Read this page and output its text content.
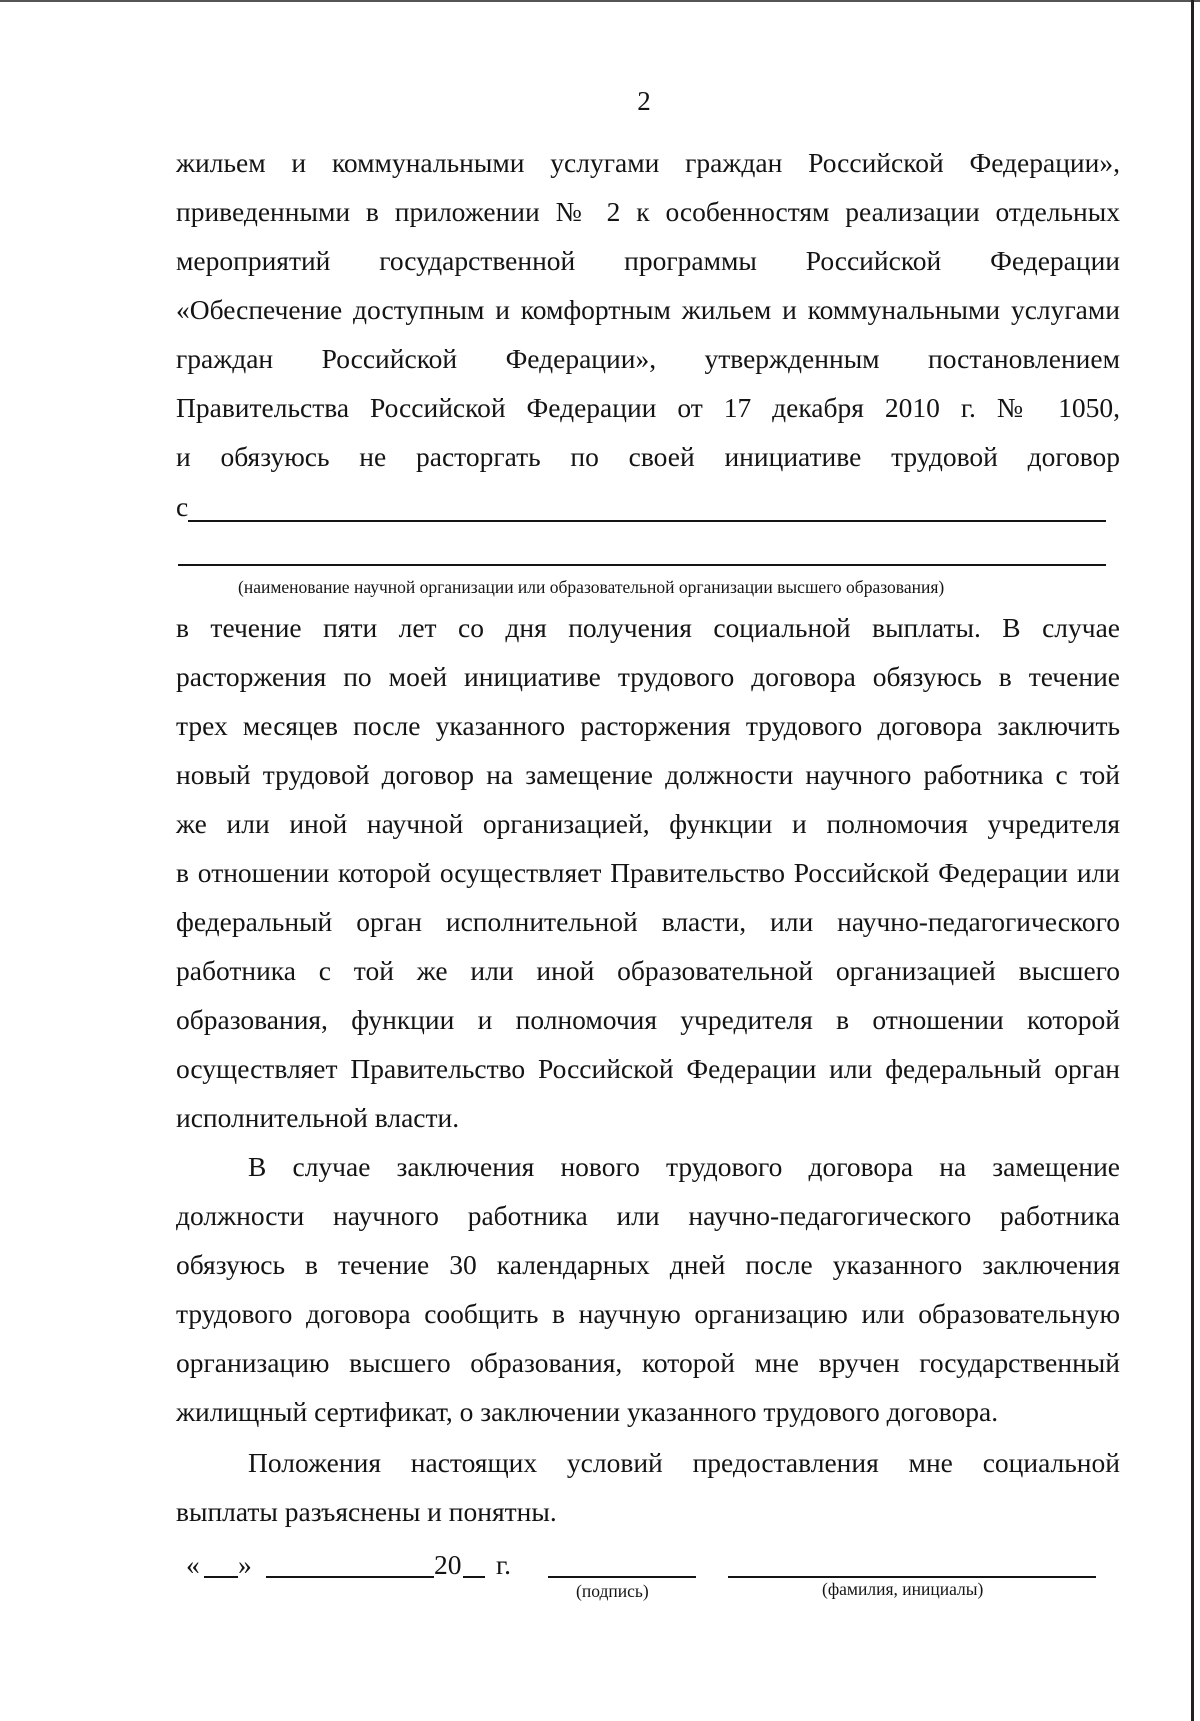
2
жильем и коммунальными услугами граждан Российской Федерации»,
приведенными в приложении № 2 к особенностям реализации отдельных
мероприятий государственной программы Российской Федерации
«Обеспечение доступным и комфортным жильем и коммунальными услугами
граждан Российской Федерации», утвержденным постановлением
Правительства Российской Федерации от 17 декабря 2010 г. № 1050,
и обязуюсь не расторгать по своей инициативе трудовой договор
с
(наименование научной организации или образовательной организации высшего образования)
в течение пяти лет со дня получения социальной выплаты. В случае
расторжения по моей инициативе трудового договора обязуюсь в течение
трех месяцев после указанного расторжения трудового договора заключить
новый трудовой договор на замещение должности научного работника с той
же или иной научной организацией, функции и полномочия учредителя
в отношении которой осуществляет Правительство Российской Федерации или
федеральный орган исполнительной власти, или научно-педагогического
работника с той же или иной образовательной организацией высшего
образования, функции и полномочия учредителя в отношении которой
осуществляет Правительство Российской Федерации или федеральный орган
исполнительной власти.
В случае заключения нового трудового договора на замещение
должности научного работника или научно-педагогического работника
обязуюсь в течение 30 календарных дней после указанного заключения
трудового договора сообщить в научную организацию или образовательную
организацию высшего образования, которой мне вручен государственный
жилищный сертификат, о заключении указанного трудового договора.
Положения настоящих условий предоставления мне социальной
выплаты разъяснены и понятны.
« »	20	г.
(подпись)	(фамилия, инициалы)
